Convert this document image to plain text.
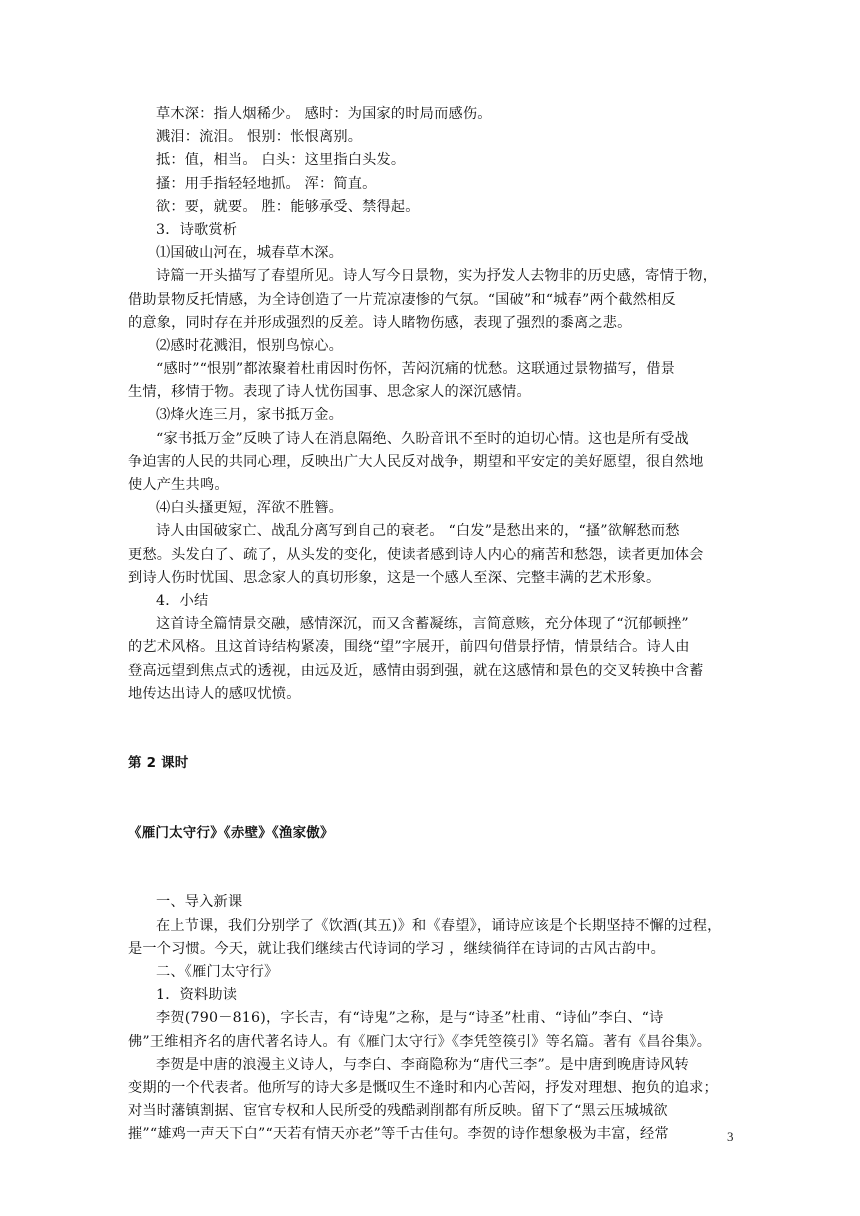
草木深：指人烟稀少。 感时：为国家的时局而感伤。
溅泪：流泪。 恨别：怅恨离别。
抵：值，相当。 白头：这里指白头发。
搔：用手指轻轻地抓。 浑：简直。
欲：要，就要。 胜：能够承受、禁得起。
3．诗歌赏析
⑴国破山河在，城春草木深。
诗篇一开头描写了春望所见。诗人写今日景物，实为抒发人去物非的历史感，寄情于物，
借助景物反托情感，为全诗创造了一片荒凉凄惨的气氛。“国破”和“城春”两个截然相反
的意象，同时存在并形成强烈的反差。诗人睹物伤感，表现了强烈的黍离之悲。
⑵感时花溅泪，恨别鸟惊心。
“感时”“恨别”都浓聚着杜甫因时伤怀，苦闷沉痛的忧愁。这联通过景物描写，借景
生情，移情于物。表现了诗人忧伤国事、思念家人的深沉感情。
⑶烽火连三月，家书抵万金。
“家书抵万金”反映了诗人在消息隔绝、久盼音讯不至时的迫切心情。这也是所有受战
争迫害的人民的共同心理，反映出广大人民反对战争，期望和平安定的美好愿望，很自然地
使人产生共鸣。
⑷白头搔更短，浑欲不胜簪。
诗人由国破家亡、战乱分离写到自己的衰老。 “白发”是愁出来的，“搔”欲解愁而愁
更愁。头发白了、疏了，从头发的变化，使读者感到诗人内心的痛苦和愁怨，读者更加体会
到诗人伤时忧国、思念家人的真切形象，这是一个感人至深、完整丰满的艺术形象。
4．小结
这首诗全篇情景交融，感情深沉，而又含蓄凝练，言简意赅，充分体现了“沉郁顿挫”
的艺术风格。且这首诗结构紧凑，围绕“望”字展开，前四句借景抒情，情景结合。诗人由
登高远望到焦点式的透视，由远及近，感情由弱到强，就在这感情和景色的交叉转换中含蓄
地传达出诗人的感叹忧愤。
第 2 课时
《雁门太守行》《赤壁》《渔家傲》
一、导入新课
在上节课，我们分别学了《饮酒(其五)》和《春望》，诵诗应该是个长期坚持不懈的过程，
是一个习惯。今天，就让我们继续古代诗词的学习 ，继续徜徉在诗词的古风古韵中。
二、《雁门太守行》
1．资料助读
李贺(790－816)，字长吉，有“诗鬼”之称，是与“诗圣”杜甫、“诗仙”李白、“诗
佛”王维相齐名的唐代著名诗人。有《雁门太守行》《李凭箜篌引》等名篇。著有《昌谷集》。
李贺是中唐的浪漫主义诗人，与李白、李商隐称为“唐代三李”。是中唐到晚唐诗风转
变期的一个代表者。他所写的诗大多是慨叹生不逢时和内心苦闷，抒发对理想、抱负的追求；
对当时藩镇割据、宦官专权和人民所受的残酷剥削都有所反映。留下了“黑云压城城欲
摧”“雄鸡一声天下白”“天若有情天亦老”等千古佳句。李贺的诗作想象极为丰富，经常	3
